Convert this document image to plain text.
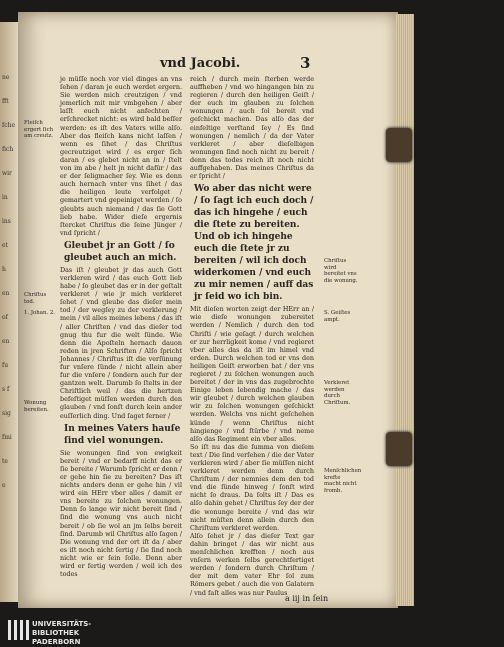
ne
fft
fche
fich
wir
in
ins
et
h
en
of
en
fu
s f
sig
fmi
te
e
vnd Jacobi.	3

je müſſe noch vor viel dinges an vns ſehen / daran je euch werdet ergern. Sie werden mich creutzigen / vnd jemerlich mit mir vmbgehen / aber laſſt euch nicht anfechten / erſchrecket nicht: es wird bald beſſer werden: es iſt des Vaters wille alſo. Aber das fleiſch kans nicht laſſen / wenn es ſihet / das Chriſtus gecreutziget wird / es erger ſich daran / es glebet nicht an in / ſtelt von im abe / helt jn nicht dafür / das er der ſeligmacher ſey. Wie es denn auch hernach vnter vns ſihet / das die heiligen leute verfolget / gemartert vnd gepeiniget werden / ſo gleubts auch niemand / das ſie Gott lieb habe. Wider dieſe ergernis ſtercket Chriſtus die ſeine Jünger / vnd ſpricht /

Gleubet jr an Gott / ſo gleubet auch an mich.

Das iſt / gleubet jr das auch Gott verkleren wird / das euch Gott lieb habe / ſo gleubet das er in der geſtalt verkleret / wie jr mich verkleret ſehet / vnd gleube das dieſer mein tod / der wegſey zu der verklerung / mein / vil alles meines lebens / das iſt / aller Chriſten / vnd das dieſer tod gnug thu fur die welt ſünde. Wie denn die Apoſteln hernach dauon reden in jren Schriften / Alſo ſpricht Johannes / Chriſtus iſt die verſünung fur vnſere ſünde / nicht allein aber fur die vnſere / ſondern auch fur der gantzen welt. Darumb ſo ſtelts in der Chriſtlich weil / das die hertzen befeſtiget müſſen werden durch den glauben / vnd ſonſt durch kein ander euſſerlich ding. Und ſaget ferner /

In meines Vaters hauſe ſind viel wonungen.

Sie wonungen ſind von ewigkeit bereit / vnd er bedarff nicht das er ſie bereite / Warumb ſpricht er denn / er gehe hin ſie zu bereiten? Das iſt nichts anders denn er gehe hin / vil wird ein HErr vber alles / damit er vns bereite zu ſolchen wonungen. Denn ſo lange wir nicht bereit ſind / ſind die wonung vns auch nicht bereit / ob ſie wol an jm ſelbs bereit ſind. Darumb wil Chriſtus alſo ſagen / Die wonung vnd der ort iſt da / aber es iſt noch nicht ſertig / ſie ſind noch nicht wie er ſein ſolle. Denn aber wird er fertig werden / weil ich des todes

reich / durch mein ſterben werde auffheben / vnd wo hingangen bin zu regieren / durch den heiligen Geiſt / der euch im glauben zu ſolchen wonungen / auch ſol bereit vnd geſchickt machen. Das alſo das der einfeltige verſtand ſey / Es ſind wonungen / nemlich / da der Vater verkleret / aber dieſelbigen wonungen ſind noch nicht zu bereit / denn das todes reich iſt noch nicht auffgehaben. Das meines Chriſtus da er ſpricht /

Wo aber das nicht were / ſo ſagt ich euch doch / das ich hingehe / euch die ſtete zu bereiten. Und ob ich hingehe euch die ſtete jr zu bereiten / wil ich doch widerkomen / vnd euch zu mir nemen / auff das jr ſeid wo ich bin.

Mit dieſen worten zeigt der HErr an / wie dieſe wonungen zubereitet werden / Nemlich / durch den tod Chriſti / wie geſagt / durch welchen er zur herrligkeit kome / vnd regieret vber alles das da iſt im himel vnd erden. Durch welchen tod er vns den heiligen Geiſt erworben hat / der vns regieret / zu ſolchen wonungen auch bereitet / der in vns das zugebrochte Einige leben lebendig mache / das wir gleubet / durch welchen glauben wir zu ſolchen wonungen geſchickt werden. Welchs vns nicht geſchehen künde / wenn Chriſtus nicht hingienge / vnd ſtürbe / vnd neme alſo das Regiment ein vber alles.

So iſt nu das die ſumma von dieſem text / Die ſind verſehen / die der Vater verkleren wird / aber ſie müſſen nicht verkleret werden denn durch Chriſtum / der nemnies dem den tod vnd die ſünde hinweg / ſonſt wird nicht ſo draus. Da ſolts iſt / Das es alſo dahin gehet / Chriſtus ſey der der die wonunge bereite / vnd das wir nicht müſten denn allein durch den Chriſtum verkleret werden.

Alſo ſehet jr / das dieſer Text gar dahin bringet / das wir nicht aus menſchlichen krefften / noch aus vnſern werken ſelbs gerechtfertiget werden / ſondern durch Chriſtum / der mit dem vater Ehr ſol zum Römers gebet / auch die von Galatern / vnd faſt alles was nur Paulus

Fleiſch ergert ſich am creutz.
Chriſtus tod.
1. Johan. 2.
Wonung bereiten.
Chriſtus wird bereitet vns die wonung.
S. Geiſtes ampt.
Verkleret werden durch Chriſtum.
Menſchlichen krefte macht nicht fromb.
a iij in ſein
UNIVERSITÄTS-
BIBLIOTHEK
PADERBORN
